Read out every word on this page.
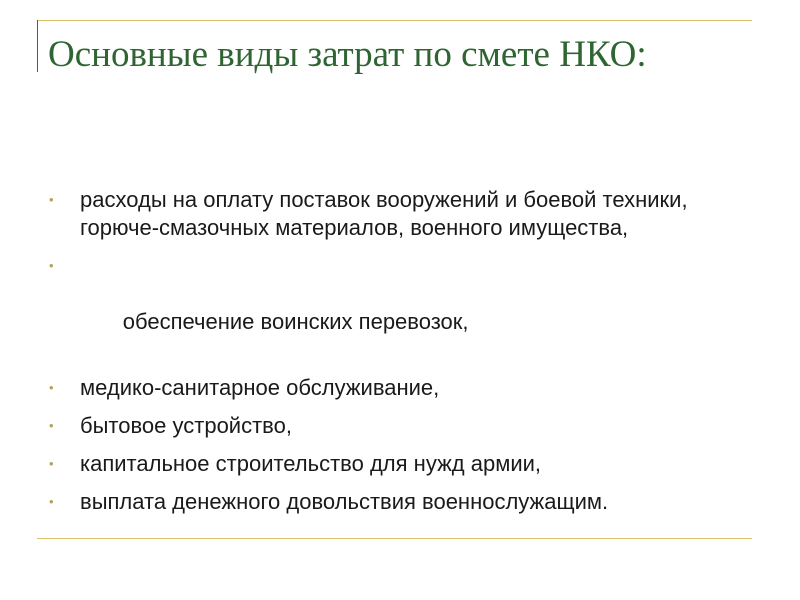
Основные виды затрат по смете НКО:
• расходы на оплату поставок вооружений и боевой техники, горюче-смазочных материалов, военного имущества,

•

обеспечение воинских перевозок,

• медико-санитарное обслуживание,
• бытовое устройство,
• капитальное строительство для нужд армии,
• выплата денежного довольствия военнослужащим.
